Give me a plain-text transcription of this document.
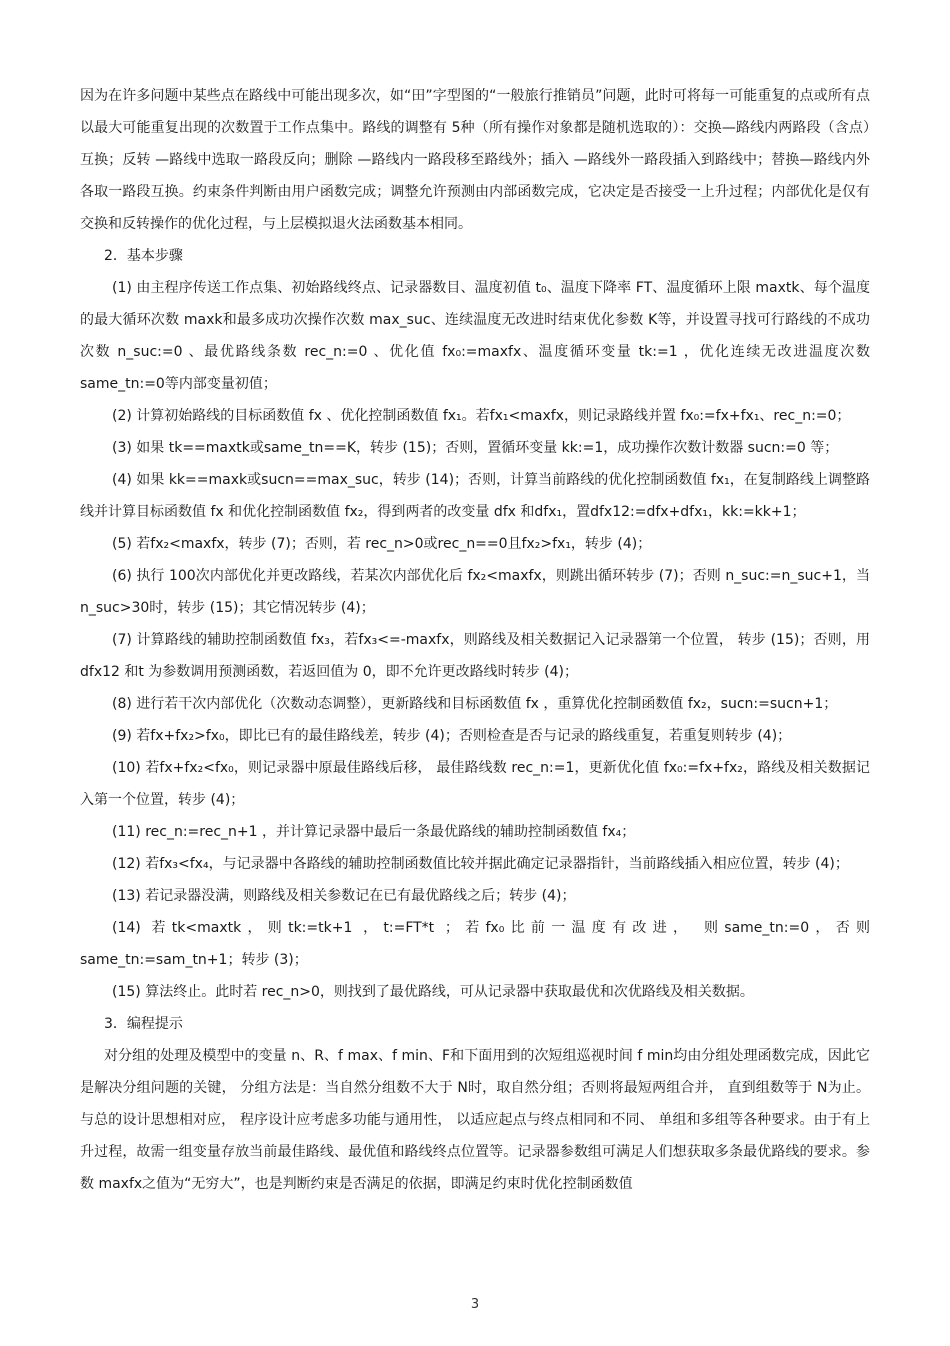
因为在许多问题中某些点在路线中可能出现多次，如“田”字型图的“一般旅行推销员”问题，此时可将每一可能重复的点或所有点以最大可能重复出现的次数置于工作点集中。路线的调整有 5种（所有操作对象都是随机选取的）：交换—路线内两路段（含点）互换；反转 —路线中选取一路段反向；删除 —路线内一路段移至路线外；插入 —路线外一路段插入到路线中；替换—路线内外各取一路段互换。约束条件判断由用户函数完成；调整允许预测由内部函数完成，它决定是否接受一上升过程；内部优化是仅有交换和反转操作的优化过程，与上层模拟退火法函数基本相同。

2．基本步骤

(1) 由主程序传送工作点集、初始路线终点、记录器数目、温度初值 t₀、温度下降率 FT、温度循环上限 maxtk、每个温度的最大循环次数 maxk和最多成功次操作次数 max_suc、连续温度无改进时结束优化参数 K等，并设置寻找可行路线的不成功次数 n_suc:=0 、最优路线条数 rec_n:=0 、优化值 fx₀:=maxfx、温度循环变量 tk:=1 ，优化连续无改进温度次数 same_tn:=0等内部变量初值；

(2) 计算初始路线的目标函数值 fx 、优化控制函数值 fx₁。若fx₁<maxfx，则记录路线并置 fx₀:=fx+fx₁、rec_n:=0；

(3) 如果 tk==maxtk或same_tn==K，转步 (15)；否则，置循环变量 kk:=1，成功操作次数计数器 sucn:=0 等；

(4) 如果 kk==maxk或sucn==max_suc，转步 (14)；否则，计算当前路线的优化控制函数值 fx₁，在复制路线上调整路线并计算目标函数值 fx 和优化控制函数值 fx₂，得到两者的改变量 dfx 和dfx₁，置dfx12:=dfx+dfx₁，kk:=kk+1；

(5) 若fx₂<maxfx，转步 (7)；否则，若 rec_n>0或rec_n==0且fx₂>fx₁，转步 (4)；

(6) 执行 100次内部优化并更改路线，若某次内部优化后 fx₂<maxfx，则跳出循环转步 (7)；否则 n_suc:=n_suc+1，当 n_suc>30时，转步 (15)；其它情况转步 (4)；

(7) 计算路线的辅助控制函数值 fx₃，若fx₃<=-maxfx，则路线及相关数据记入记录器第一个位置， 转步 (15)；否则，用 dfx12 和t 为参数调用预测函数，若返回值为 0，即不允许更改路线时转步 (4)；

(8) 进行若干次内部优化（次数动态调整），更新路线和目标函数值 fx ，重算优化控制函数值 fx₂，sucn:=sucn+1；

(9) 若fx+fx₂>fx₀，即比已有的最佳路线差，转步 (4)；否则检查是否与记录的路线重复，若重复则转步 (4)；

(10) 若fx+fx₂<fx₀，则记录器中原最佳路线后移， 最佳路线数 rec_n:=1，更新优化值 fx₀:=fx+fx₂，路线及相关数据记入第一个位置，转步 (4)；

(11) rec_n:=rec_n+1 ，并计算记录器中最后一条最优路线的辅助控制函数值 fx₄；

(12) 若fx₃<fx₄，与记录器中各路线的辅助控制函数值比较并据此确定记录器指针，当前路线插入相应位置，转步 (4)；

(13) 若记录器没满，则路线及相关参数记在已有最优路线之后；转步 (4)；

(14) 若tk<maxtk，则tk:=tk+1 ，t:=FT*t ；若fx₀比前一温度有改进， 则same_tn:=0，否则 same_tn:=sam_tn+1；转步 (3)；

(15) 算法终止。此时若 rec_n>0，则找到了最优路线，可从记录器中获取最优和次优路线及相关数据。

3．编程提示

对分组的处理及模型中的变量 n、R、f max、f min、F和下面用到的次短组巡视时间 f min均由分组处理函数完成，因此它是解决分组问题的关键， 分组方法是：当自然分组数不大于 N时，取自然分组；否则将最短两组合并， 直到组数等于 N为止。与总的设计思想相对应， 程序设计应考虑多功能与通用性， 以适应起点与终点相同和不同、 单组和多组等各种要求。由于有上升过程，故需一组变量存放当前最佳路线、最优值和路线终点位置等。记录器参数组可满足人们想获取多条最优路线的要求。参数 maxfx之值为“无穷大”，也是判断约束是否满足的依据，即满足约束时优化控制函数值

3
